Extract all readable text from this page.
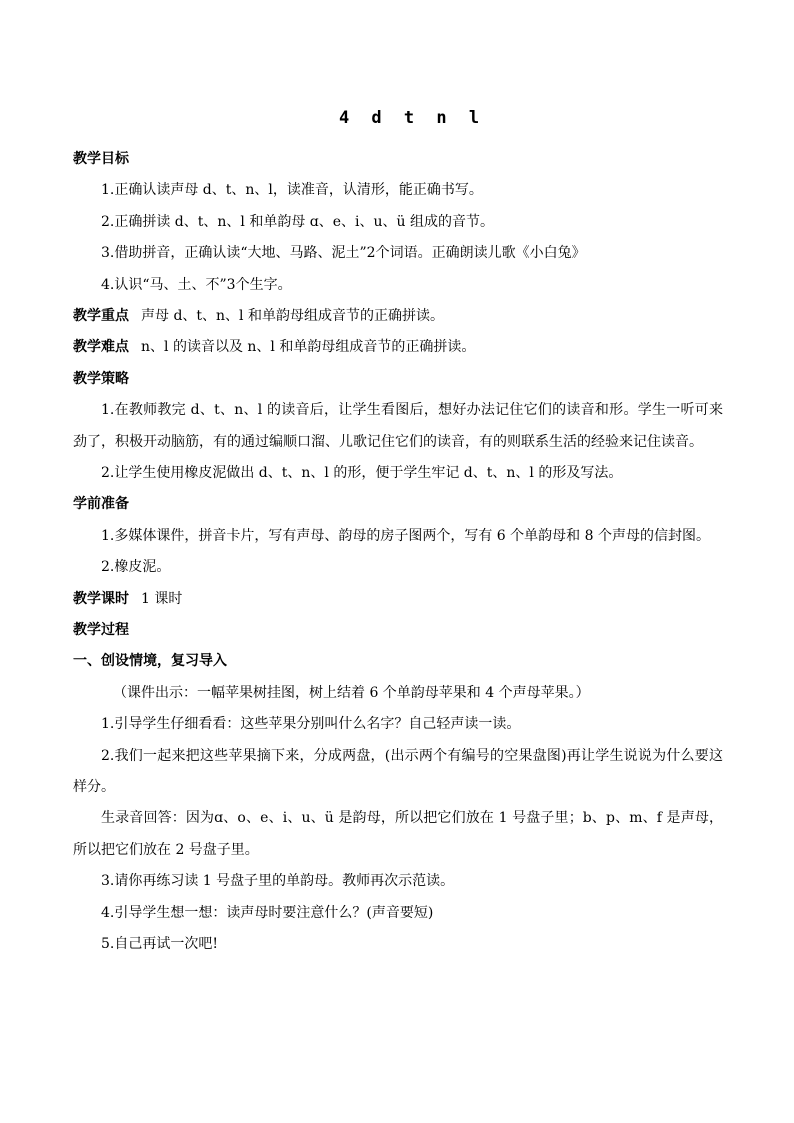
4 d t n l
教学目标
1.正确认读声母 d、t、n、l，读准音，认清形，能正确书写。
2.正确拼读 d、t、n、l 和单韵母 ɑ、e、i、u、ü 组成的音节。
3.借助拼音，正确认读“大地、马路、泥土”2个词语。正确朗读儿歌《小白兔》
4.认识“马、土、不”3个生字。
教学重点 声母 d、t、n、l 和单韵母组成音节的正确拼读。
教学难点 n、l 的读音以及 n、l 和单韵母组成音节的正确拼读。
教学策略
1.在教师教完 d、t、n、l 的读音后，让学生看图后，想好办法记住它们的读音和形。学生一听可来劲了，积极开动脑筋，有的通过编顺口溜、儿歌记住它们的读音，有的则联系生活的经验来记住读音。
2.让学生使用橡皮泥做出 d、t、n、l 的形，便于学生牢记 d、t、n、l 的形及写法。
学前准备
1.多媒体课件，拼音卡片，写有声母、韵母的房子图两个，写有 6 个单韵母和 8 个声母的信封图。
2.橡皮泥。
教学课时 1 课时
教学过程
一、创设情境，复习导入
（课件出示：一幅苹果树挂图，树上结着 6 个单韵母苹果和 4 个声母苹果。）
1.引导学生仔细看看：这些苹果分别叫什么名字？自己轻声读一读。
2.我们一起来把这些苹果摘下来，分成两盘，(出示两个有编号的空果盘图)再让学生说说为什么要这样分。
生录音回答：因为ɑ、o、e、i、u、ü 是韵母，所以把它们放在 1 号盘子里；b、p、m、f 是声母，所以把它们放在 2 号盘子里。
3.请你再练习读 1 号盘子里的单韵母。教师再次示范读。
4.引导学生想一想：读声母时要注意什么？(声音要短)
5.自己再试一次吧!
